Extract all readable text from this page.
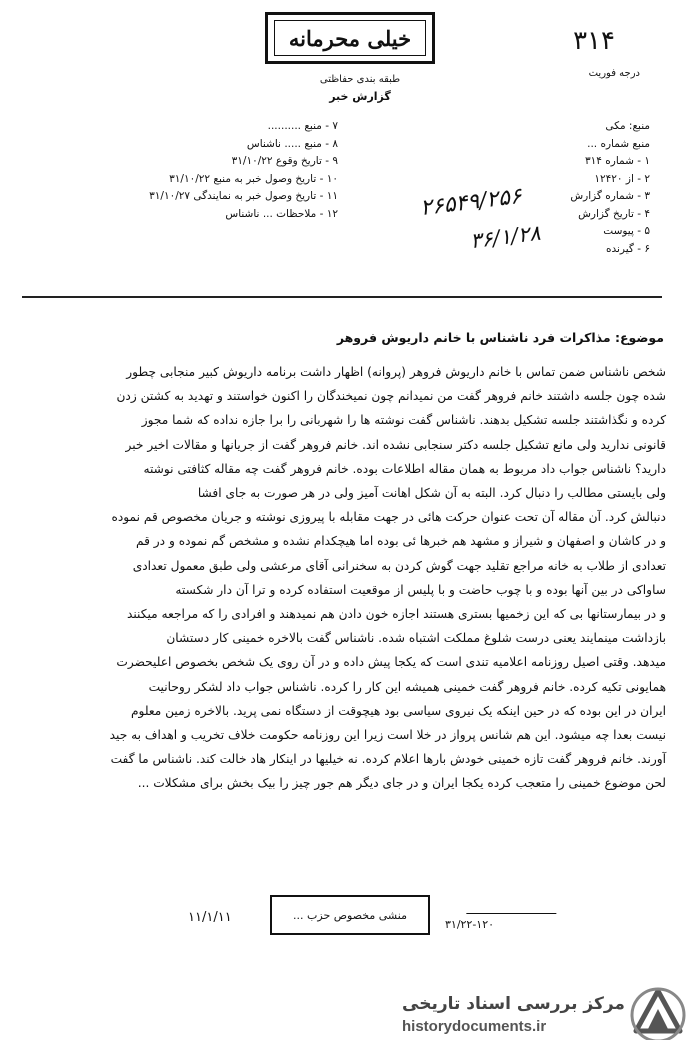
خیلی محرمانه	۳۱۴
درجه فوریت
طبقه بندی حفاظتی
گزارش خبر
منبع: مکی
منبع شماره ...
۱ - شماره ۳۱۴
۲ - از ۱۲۴۲۰
۳ - شماره گزارش
۴ - تاریخ گزارش
۵ - پیوست
۶ - گیرنده
۷ - منبع ..........
۸ - منبع ..... ناشناس
۹ - تاریخ وقوع ۳۱/۱۰/۲۲
۱۰ - تاریخ وصول خبر به منبع ۳۱/۱۰/۲۲
۱۱ - تاریخ وصول خبر به نمایندگی ۳۱/۱۰/۲۷
۱۲ - ملاحظات ... ناشناس	۲۶۵۴۹/۲۵۶
۳۶/۱/۲۸
موضوع: مذاکرات فرد ناشناس با خانم داریوش فروهر

شخص ناشناس ضمن تماس با خانم داریوش فروهر (پروانه) اظهار داشت برنامه داریوش کبیر منجابی چطور

شده چون جلسه داشتند خانم فروهر گفت من نمیدانم چون نمیخندگان را اکنون خواستند و تهدید به کشتن زدن

کرده و نگذاشتند جلسه تشکیل بدهند. ناشناس گفت نوشته ها را شهربانی را برا جازه نداده که شما مجوز

قانونی ندارید ولی مانع تشکیل جلسه دکتر سنجابی نشده اند. خانم فروهر گفت از جریانها و مقالات اخیر خبر

دارید؟ ناشناس جواب داد مربوط به همان مقاله اطلاعات بوده. خانم فروهر گفت چه مقاله کثافتی نوشته

ولی بایستی مطالب را دنبال کرد. البته به آن شکل اهانت آمیز ولی در هر صورت به جای افشا

دنبالش کرد. آن مقاله آن تحت عنوان حرکت هائی در جهت مقابله با پیروزی نوشته و جریان مخصوص قم نموده

و در کاشان و اصفهان و شیراز و مشهد هم خبرها ئی بوده اما هیچکدام نشده و مشخص گم نموده و در قم

تعدادی از طلاب به خانه مراجع تقلید جهت گوش کردن به سخنرانی آقای مرعشی ولی طبق معمول تعدادی

ساواکی در بین آنها بوده و با چوب حاضت و با پلیس از موقعیت استفاده کرده و ترا آن دار شکسته

و در بیمارستانها بی که این زخمیها بستری هستند اجازه خون دادن هم نمیدهند و افرادی را که مراجعه میکنند

بازداشت مینمایند یعنی درست شلوغ مملکت اشتباه شده. ناشناس گفت بالاخره خمینی کار دستشان

میدهد. وقتی اصیل روزنامه اعلامیه تندی است که یکجا پیش داده و در آن روی یک شخص بخصوص اعلیحضرت

همایونی تکیه کرده. خانم فروهر گفت خمینی همیشه این کار را کرده. ناشناس جواب داد لشکر روحانیت

ایران در این بوده که در حین اینکه یک نیروی سیاسی بود هیچوقت از دستگاه نمی پرید. بالاخره زمین معلوم

نیست بعدا چه میشود. این هم شانس پرواز در خلا است زیرا این روزنامه حکومت خلاف تخریب و اهداف به جید

آورند. خانم فروهر گفت تازه خمینی خودش بارها اعلام کرده. نه خیلیها در اینکار هاد خالت کند. ناشناس ما گفت

لحن موضوع خمینی را متعجب کرده یکجا ایران و در جای دیگر هم جور چیز را بیک بخش برای مشکلات ...

۱۱/۱/۱۱	منشی مخصوص حزب ...
۳۱/۲۲-۱۲۰
مرکز بررسی اسناد تاریخی
historydocuments.ir
